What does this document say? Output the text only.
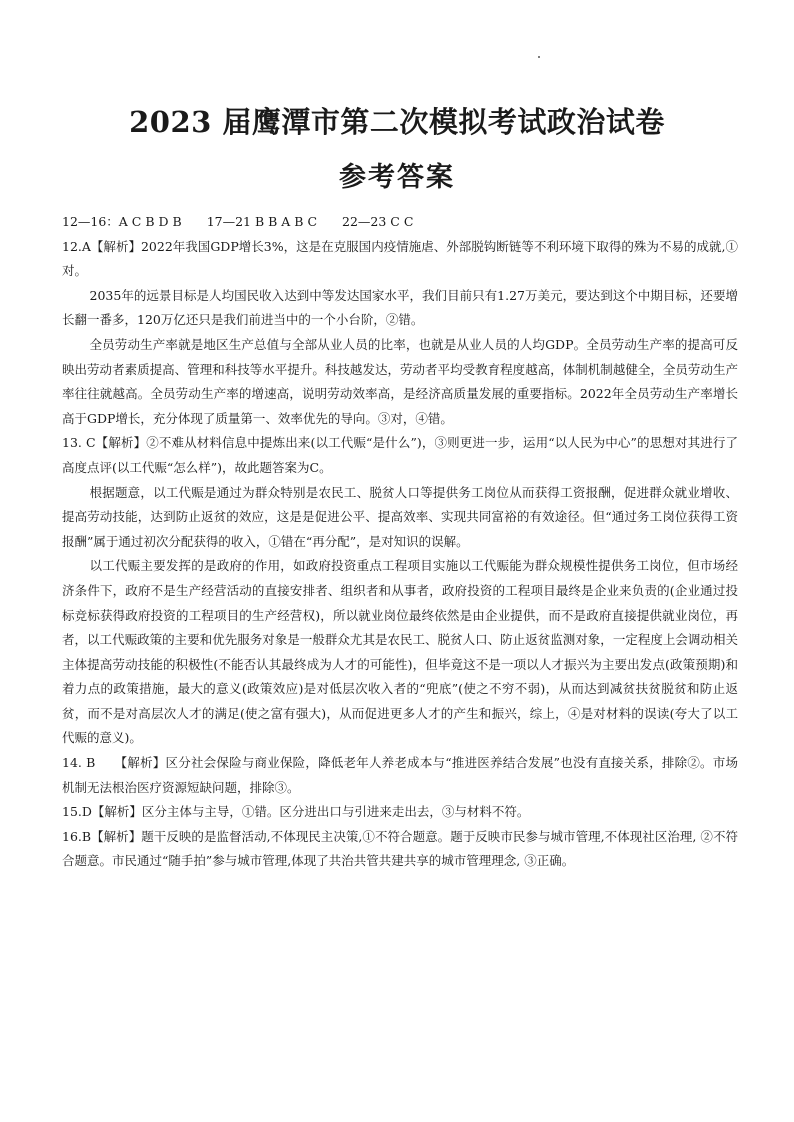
2023 届鹰潭市第二次模拟考试政治试卷
参考答案

12—16：A C B D B　　17—21 B B A B C　　22—23 C C

12.A【解析】2022年我国GDP增长3%，这是在克服国内疫情施虐、外部脱钩断链等不利环境下取得的殊为不易的成就,①对。

2035年的远景目标是人均国民收入达到中等发达国家水平，我们目前只有1.27万美元，要达到这个中期目标，还要增长翻一番多，120万亿还只是我们前进当中的一个小台阶，②错。

全员劳动生产率就是地区生产总值与全部从业人员的比率，也就是从业人员的人均GDP。全员劳动生产率的提高可反映出劳动者素质提高、管理和科技等水平提升。科技越发达，劳动者平均受教育程度越高，体制机制越健全，全员劳动生产率往往就越高。全员劳动生产率的增速高，说明劳动效率高，是经济高质量发展的重要指标。2022年全员劳动生产率增长高于GDP增长，充分体现了质量第一、效率优先的导向。③对，④错。

13. C【解析】②不难从材料信息中提炼出来(以工代赈“是什么”)，③则更进一步，运用“以人民为中心”的思想对其进行了高度点评(以工代赈“怎么样”)，故此题答案为C。

根据题意，以工代赈是通过为群众特别是农民工、脱贫人口等提供务工岗位从而获得工资报酬，促进群众就业增收、提高劳动技能，达到防止返贫的效应，这是是促进公平、提高效率、实现共同富裕的有效途径。但“通过务工岗位获得工资报酬”属于通过初次分配获得的收入，①错在“再分配”，是对知识的误解。

以工代赈主要发挥的是政府的作用，如政府投资重点工程项目实施以工代赈能为群众规模性提供务工岗位，但市场经济条件下，政府不是生产经营活动的直接安排者、组织者和从事者，政府投资的工程项目最终是企业来负责的(企业通过投标竞标获得政府投资的工程项目的生产经营权)，所以就业岗位最终依然是由企业提供，而不是政府直接提供就业岗位，再者，以工代赈政策的主要和优先服务对象是一般群众尤其是农民工、脱贫人口、防止返贫监测对象，一定程度上会调动相关主体提高劳动技能的积极性(不能否认其最终成为人才的可能性)，但毕竟这不是一项以人才振兴为主要出发点(政策预期)和着力点的政策措施，最大的意义(政策效应)是对低层次收入者的“兜底”(使之不穷不弱)，从而达到减贫扶贫脱贫和防止返贫，而不是对高层次人才的满足(使之富有强大)，从而促进更多人才的产生和振兴，综上，④是对材料的误读(夸大了以工代赈的意义)。

14. B　　【解析】区分社会保险与商业保险，降低老年人养老成本与“推进医养结合发展”也没有直接关系，排除②。市场机制无法根治医疗资源短缺问题，排除③。

15.D【解析】区分主体与主导，①错。区分进出口与引进来走出去，③与材料不符。

16.B【解析】题干反映的是监督活动,不体现民主决策,①不符合题意。题于反映市民参与城市管理,不体现社区治理, ②不符合题意。市民通过“随手拍”参与城市管理,体现了共治共管共建共享的城市管理理念, ③正确。
